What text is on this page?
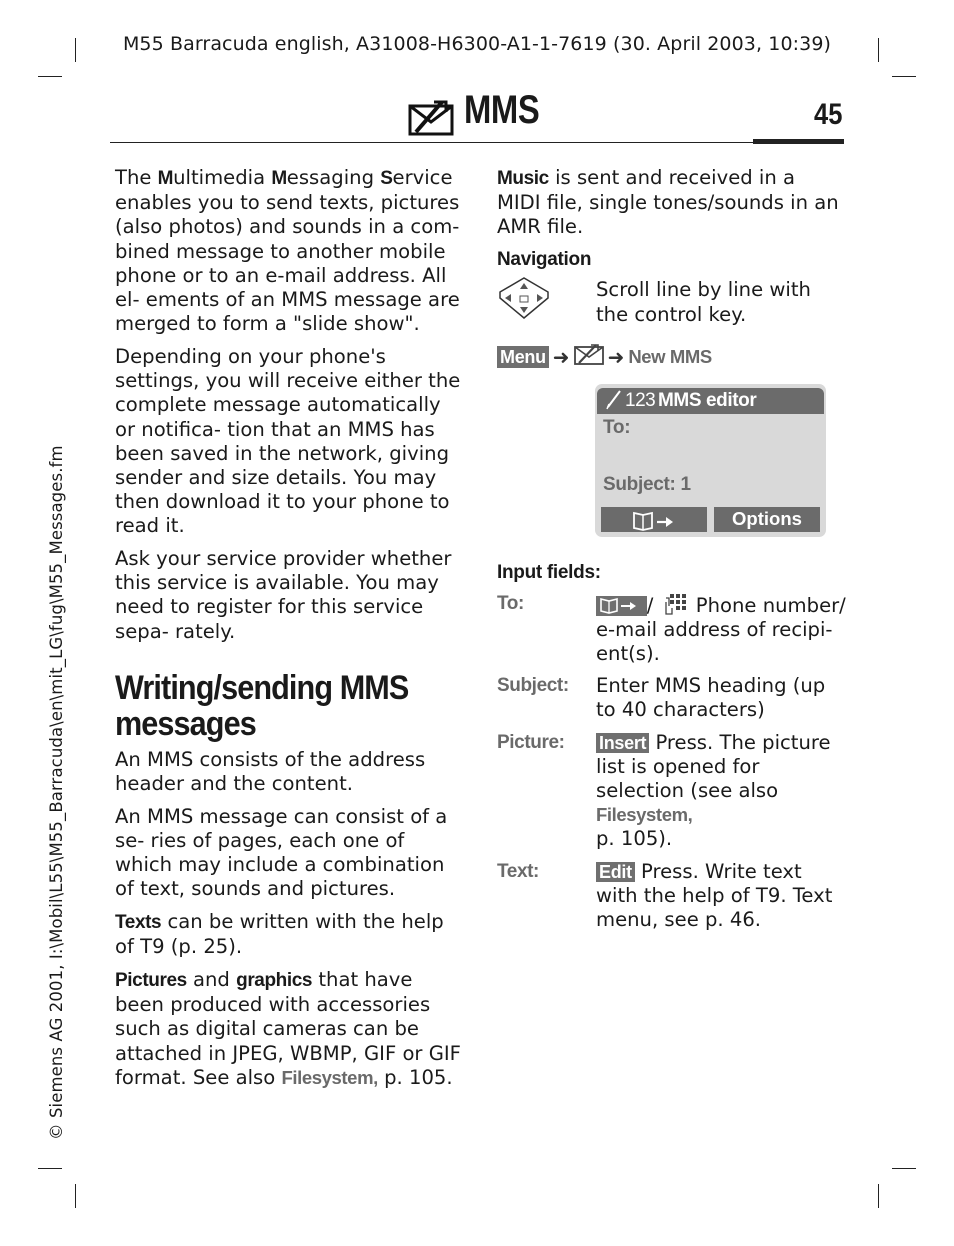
M55 Barracuda english, A31008-H6300-A1-1-7619 (30. April 2003, 10:39)
MMS	45

The Multimedia Messaging Service enables you to send texts, pictures (also photos) and sounds in a com- bined message to another mobile phone or to an e-mail address. All el- ements of an MMS message are merged to form a "slide show".

Depending on your phone's settings, you will receive either the complete message automatically or notifica- tion that an MMS has been saved in the network, giving sender and size details. You may then download it to your phone to read it.

Ask your service provider whether this service is available. You may need to register for this service sepa- rately.

Writing/sending MMS messages

An MMS consists of the address header and the content.

An MMS message can consist of a se- ries of pages, each one of which may include a combination of text, sounds and pictures.

Texts can be written with the help of T9 (p. 25).

Pictures and graphics that have been produced with accessories such as digital cameras can be attached in JPEG, WBMP, GIF or GIF format. See also Filesystem, p. 105.

Music is sent and received in a MIDI file, single tones/sounds in an AMR file.

Navigation
Scroll line by line with the control key.
Menu ➜ ➜ New MMS
123 MMS editor
To:
Subject: 1
Options
Input fields:
To:	/ Phone number/ e-mail address of recipi- ent(s).
Subject: Enter MMS heading (up to 40 characters)
Picture: Insert Press. The picture list is opened for selection (see also Filesystem,
p. 105).
Text:	Edit Press. Write text with the help of T9. Text menu, see p. 46.
© Siemens AG 2001, I:\Mobil\L55\M55_Barracuda\en\mit_LG\fug\M55_Messages.fm
